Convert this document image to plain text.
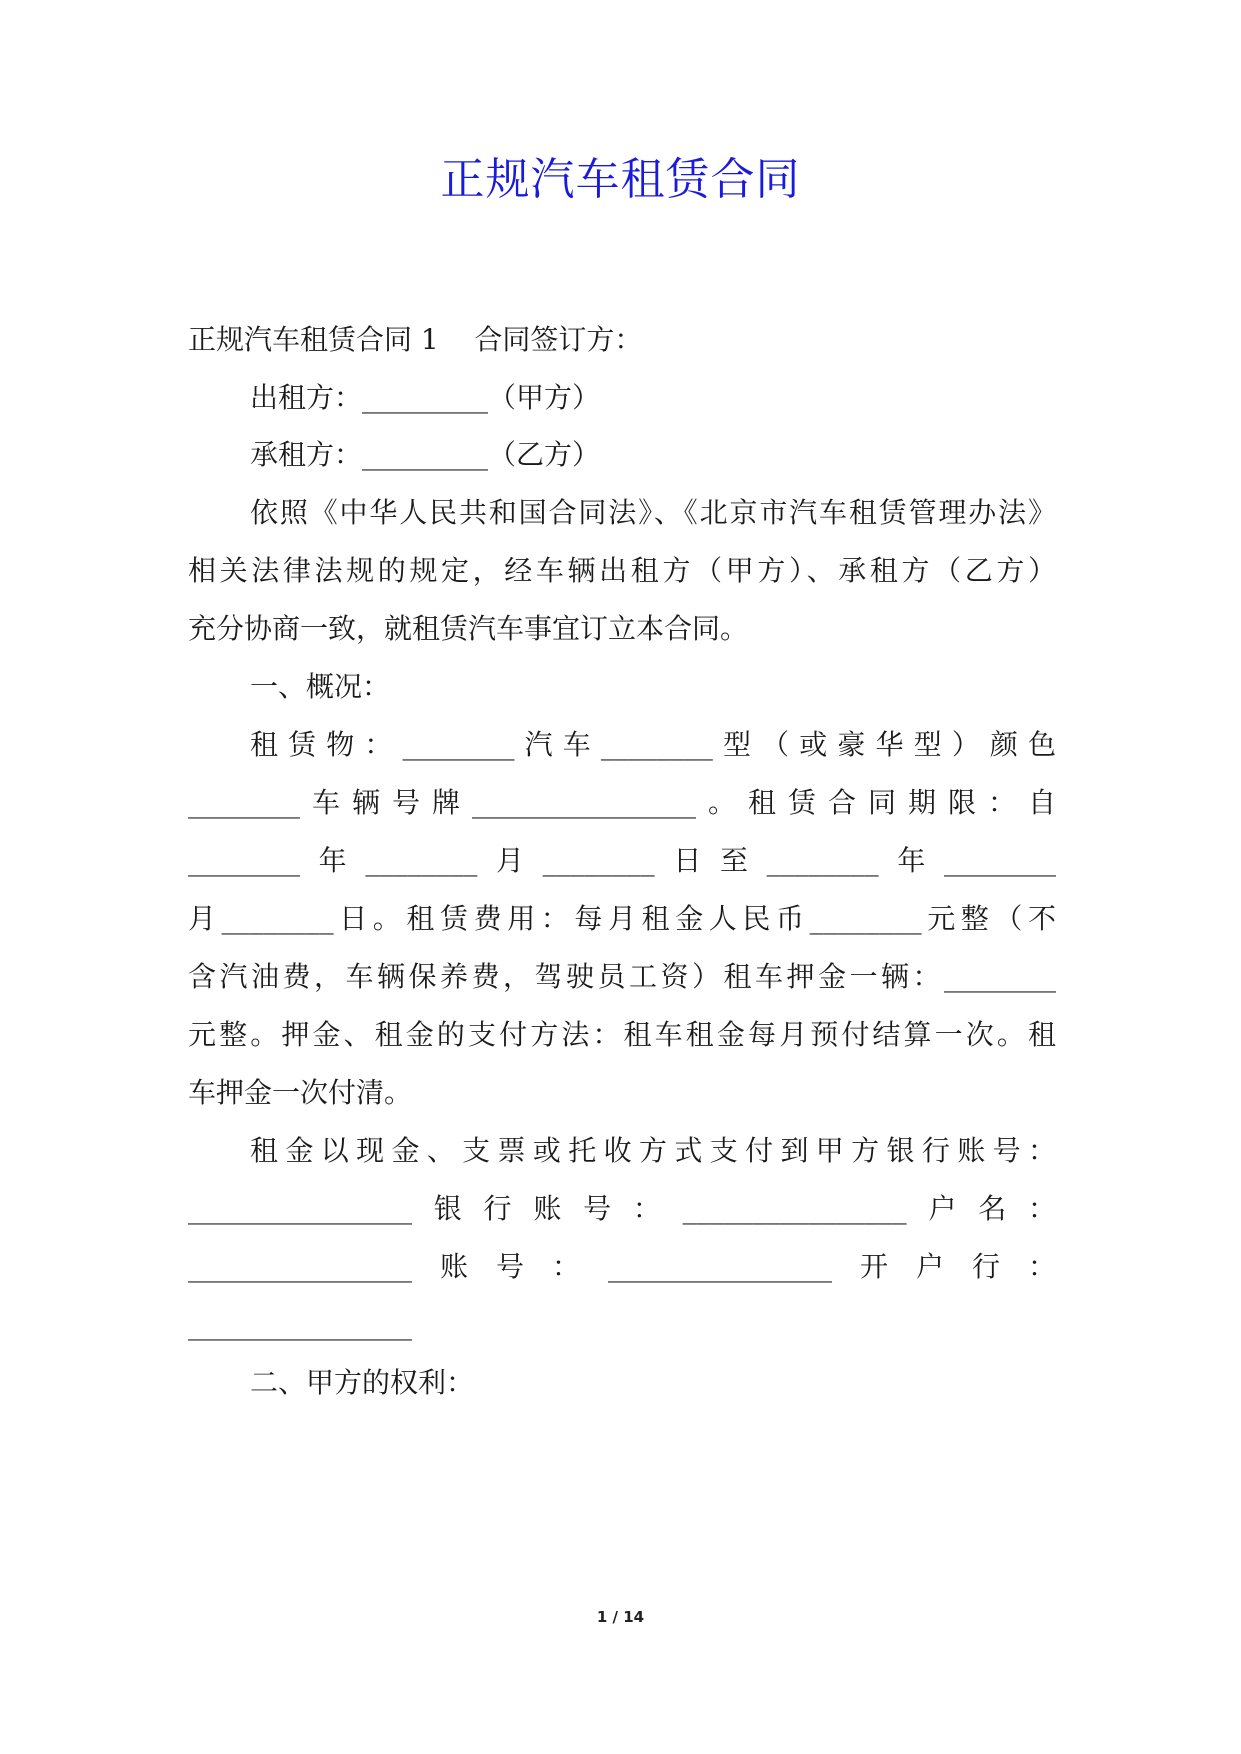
正规汽车租赁合同
正规汽车租赁合同 1    合同签订方：
出租方：_________（甲方）
承租方：_________（乙方）
依照《中华人民共和国合同法》、《北京市汽车租赁管理办法》
相关法律法规的规定，经车辆出租方（甲方）、承租方（乙方）
充分协商一致，就租赁汽车事宜订立本合同。
一、概况：
租赁物：________汽车________型（或豪华型）颜色
________车辆号牌________________。租赁合同期限：自
________年________月________日至________年________
月________日。租赁费用：每月租金人民币________元整（不
含汽油费，车辆保养费，驾驶员工资）租车押金一辆：________
元整。押金、租金的支付方法：租车租金每月预付结算一次。租
车押金一次付清。
租金以现金、支票或托收方式支付到甲方银行账号：
________________银行账号：________________户名：
________________账号：________________开户行：
________________
二、甲方的权利：
1 / 14
